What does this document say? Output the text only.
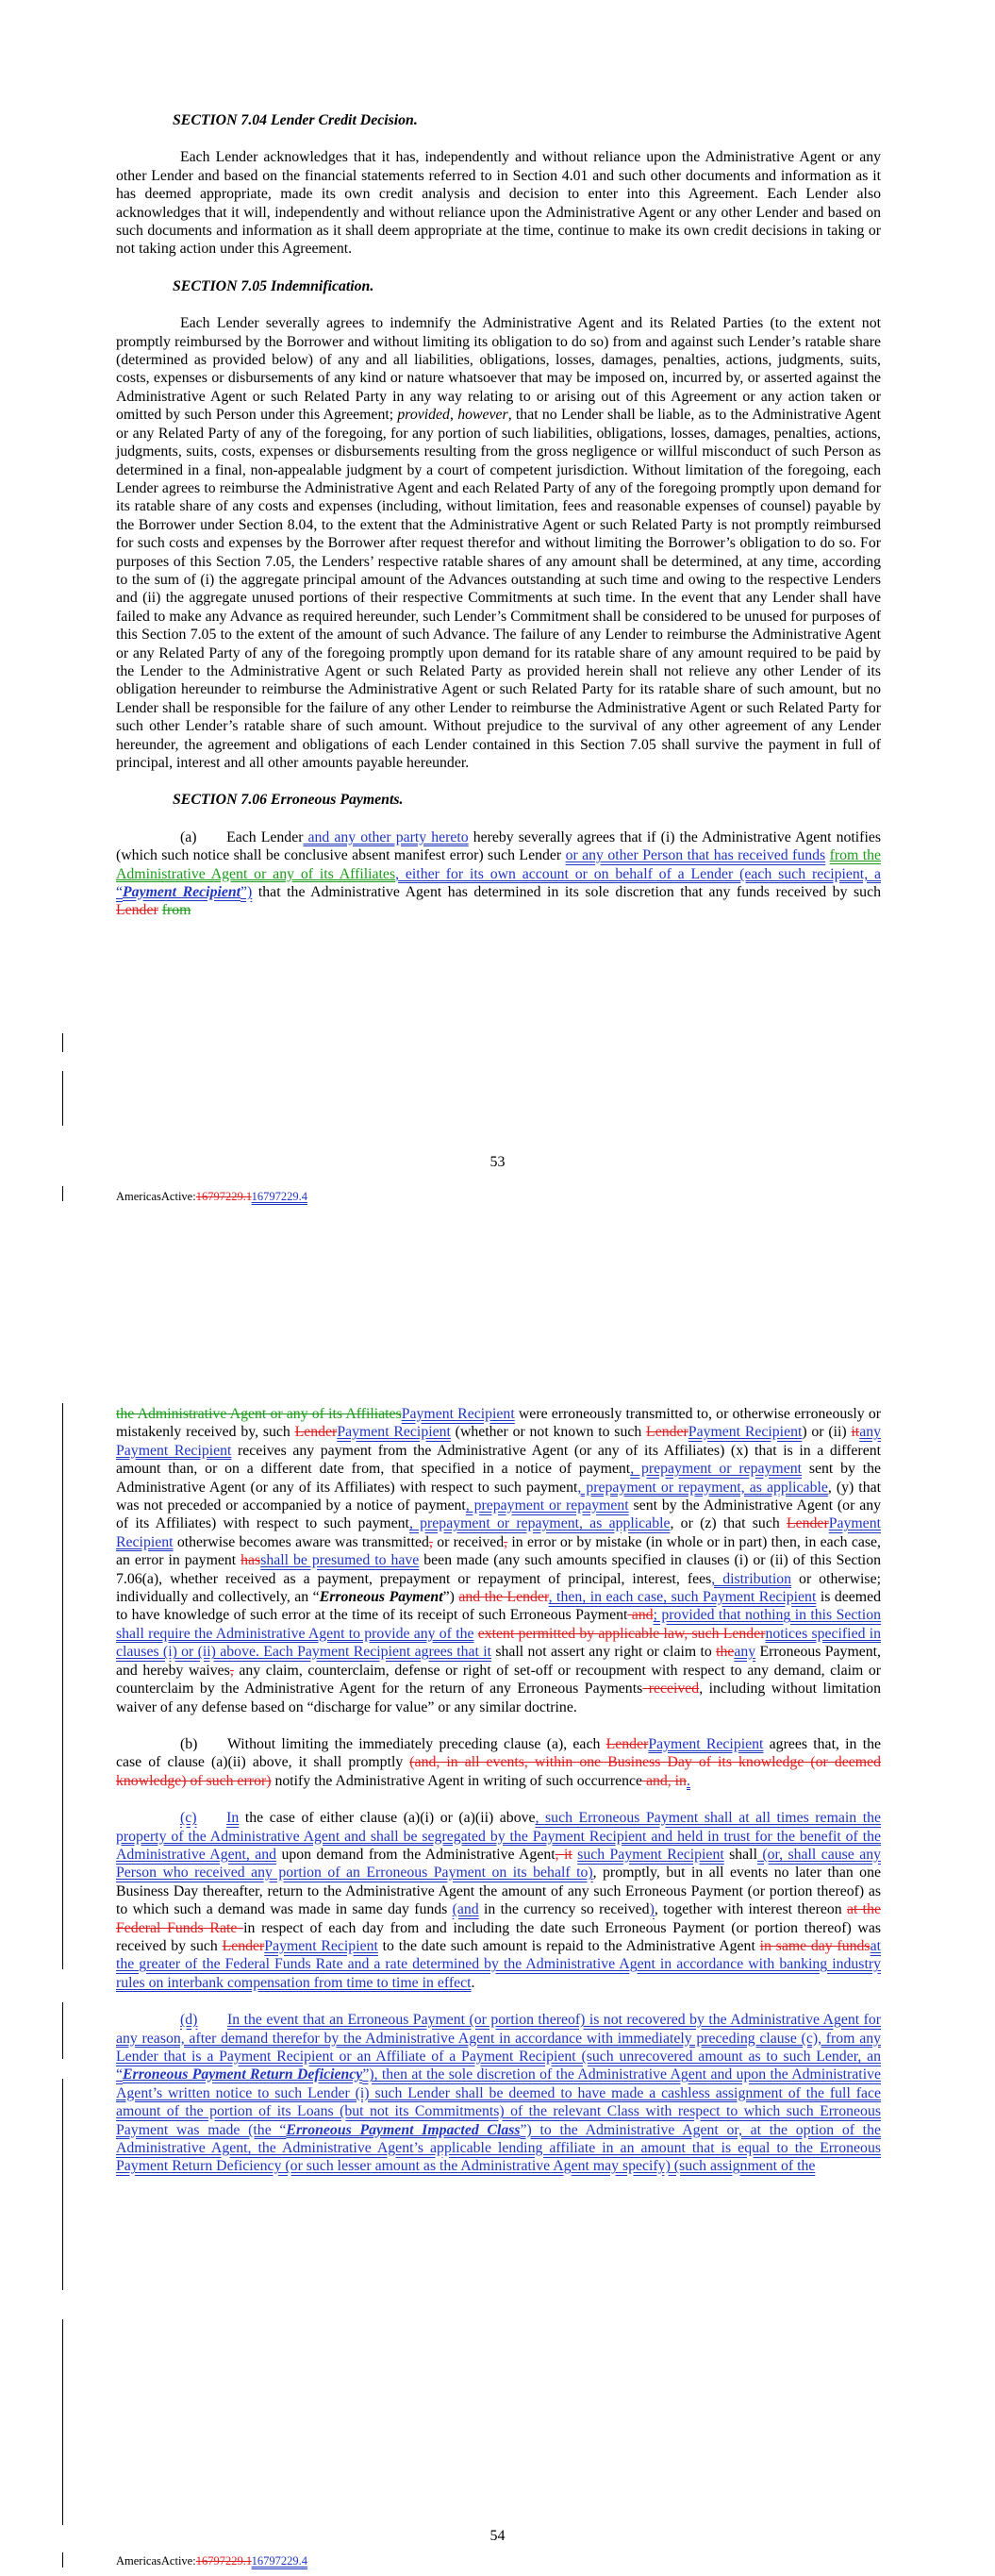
SECTION 7.04 Lender Credit Decision.

Each Lender acknowledges that it has, independently and without reliance upon the Administrative Agent or any other Lender and based on the financial statements referred to in Section 4.01 and such other documents and information as it has deemed appropriate, made its own credit analysis and decision to enter into this Agreement. Each Lender also acknowledges that it will, independently and without reliance upon the Administrative Agent or any other Lender and based on such documents and information as it shall deem appropriate at the time, continue to make its own credit decisions in taking or not taking action under this Agreement.

SECTION 7.05 Indemnification.

Each Lender severally agrees to indemnify the Administrative Agent and its Related Parties (to the extent not promptly reimbursed by the Borrower and without limiting its obligation to do so) from and against such Lender’s ratable share (determined as provided below) of any and all liabilities, obligations, losses, damages, penalties, actions, judgments, suits, costs, expenses or disbursements of any kind or nature whatsoever that may be imposed on, incurred by, or asserted against the Administrative Agent or such Related Party in any way relating to or arising out of this Agreement or any action taken or omitted by such Person under this Agreement; provided, however, that no Lender shall be liable, as to the Administrative Agent or any Related Party of any of the foregoing, for any portion of such liabilities, obligations, losses, damages, penalties, actions, judgments, suits, costs, expenses or disbursements resulting from the gross negligence or willful misconduct of such Person as determined in a final, non-appealable judgment by a court of competent jurisdiction. Without limitation of the foregoing, each Lender agrees to reimburse the Administrative Agent and each Related Party of any of the foregoing promptly upon demand for its ratable share of any costs and expenses (including, without limitation, fees and reasonable expenses of counsel) payable by the Borrower under Section 8.04, to the extent that the Administrative Agent or such Related Party is not promptly reimbursed for such costs and expenses by the Borrower after request therefor and without limiting the Borrower’s obligation to do so. For purposes of this Section 7.05, the Lenders’ respective ratable shares of any amount shall be determined, at any time, according to the sum of (i) the aggregate principal amount of the Advances outstanding at such time and owing to the respective Lenders and (ii) the aggregate unused portions of their respective Commitments at such time. In the event that any Lender shall have failed to make any Advance as required hereunder, such Lender’s Commitment shall be considered to be unused for purposes of this Section 7.05 to the extent of the amount of such Advance. The failure of any Lender to reimburse the Administrative Agent or any Related Party of any of the foregoing promptly upon demand for its ratable share of any amount required to be paid by the Lender to the Administrative Agent or such Related Party as provided herein shall not relieve any other Lender of its obligation hereunder to reimburse the Administrative Agent or such Related Party for its ratable share of such amount, but no Lender shall be responsible for the failure of any other Lender to reimburse the Administrative Agent or such Related Party for such other Lender’s ratable share of such amount. Without prejudice to the survival of any other agreement of any Lender hereunder, the agreement and obligations of each Lender contained in this Section 7.05 shall survive the payment in full of principal, interest and all other amounts payable hereunder.

SECTION 7.06 Erroneous Payments.

(a)  Each Lender and any other party hereto hereby severally agrees that if (i) the Administrative Agent notifies (which such notice shall be conclusive absent manifest error) such Lender or any other Person that has received funds from the Administrative Agent or any of its Affiliates, either for its own account or on behalf of a Lender (each such recipient, a “Payment Recipient”) that the Administrative Agent has determined in its sole discretion that any funds received by such Lender from

53
AmericasActive:16797229.116797229.4

the Administrative Agent or any of its AffiliatesPayment Recipient were erroneously transmitted to, or otherwise erroneously or mistakenly received by, such LenderPayment Recipient (whether or not known to such LenderPayment Recipient) or (ii) itany Payment Recipient receives any payment from the Administrative Agent (or any of its Affiliates) (x) that is in a different amount than, or on a different date from, that specified in a notice of payment, prepayment or repayment sent by the Administrative Agent (or any of its Affiliates) with respect to such payment, prepayment or repayment, as applicable, (y) that was not preceded or accompanied by a notice of payment, prepayment or repayment sent by the Administrative Agent (or any of its Affiliates) with respect to such payment, prepayment or repayment, as applicable, or (z) that such LenderPayment Recipient otherwise becomes aware was transmitted, or received, in error or by mistake (in whole or in part) then, in each case, an error in payment hasshall be presumed to have been made (any such amounts specified in clauses (i) or (ii) of this Section 7.06(a), whether received as a payment, prepayment or repayment of principal, interest, fees, distribution or otherwise; individually and collectively, an “Erroneous Payment”) and the Lender, then, in each case, such Payment Recipient is deemed to have knowledge of such error at the time of its receipt of such Erroneous Payment and; provided that nothing in this Section shall require the Administrative Agent to provide any of the extent permitted by applicable law, such Lendernotices specified in clauses (i) or (ii) above. Each Payment Recipient agrees that it shall not assert any right or claim to theany Erroneous Payment, and hereby waives, any claim, counterclaim, defense or right of set-off or recoupment with respect to any demand, claim or counterclaim by the Administrative Agent for the return of any Erroneous Payments received, including without limitation waiver of any defense based on “discharge for value” or any similar doctrine.

(b)  Without limiting the immediately preceding clause (a), each LenderPayment Recipient agrees that, in the case of clause (a)(ii) above, it shall promptly (and, in all events, within one Business Day of its knowledge (or deemed knowledge) of such error) notify the Administrative Agent in writing of such occurrence and, in.

(c)   In the case of either clause (a)(i) or (a)(ii) above, such Erroneous Payment shall at all times remain the property of the Administrative Agent and shall be segregated by the Payment Recipient and held in trust for the benefit of the Administrative Agent, and upon demand from the Administrative Agent, it such Payment Recipient shall (or, shall cause any Person who received any portion of an Erroneous Payment on its behalf to), promptly, but in all events no later than one Business Day thereafter, return to the Administrative Agent the amount of any such Erroneous Payment (or portion thereof) as to which such a demand was made in same day funds (and in the currency so received), together with interest thereon at the Federal Funds Rate in respect of each day from and including the date such Erroneous Payment (or portion thereof) was received by such LenderPayment Recipient to the date such amount is repaid to the Administrative Agent in same day fundsat the greater of the Federal Funds Rate and a rate determined by the Administrative Agent in accordance with banking industry rules on interbank compensation from time to time in effect.

(d)   In the event that an Erroneous Payment (or portion thereof) is not recovered by the Administrative Agent for any reason, after demand therefor by the Administrative Agent in accordance with immediately preceding clause (c), from any Lender that is a Payment Recipient or an Affiliate of a Payment Recipient (such unrecovered amount as to such Lender, an “Erroneous Payment Return Deficiency”), then at the sole discretion of the Administrative Agent and upon the Administrative Agent’s written notice to such Lender (i) such Lender shall be deemed to have made a cashless assignment of the full face amount of the portion of its Loans (but not its Commitments) of the relevant Class with respect to which such Erroneous Payment was made (the “Erroneous Payment Impacted Class”) to the Administrative Agent or, at the option of the Administrative Agent, the Administrative Agent’s applicable lending affiliate in an amount that is equal to the Erroneous Payment Return Deficiency (or such lesser amount as the Administrative Agent may specify) (such assignment of the

54
AmericasActive:16797229.116797229.4
